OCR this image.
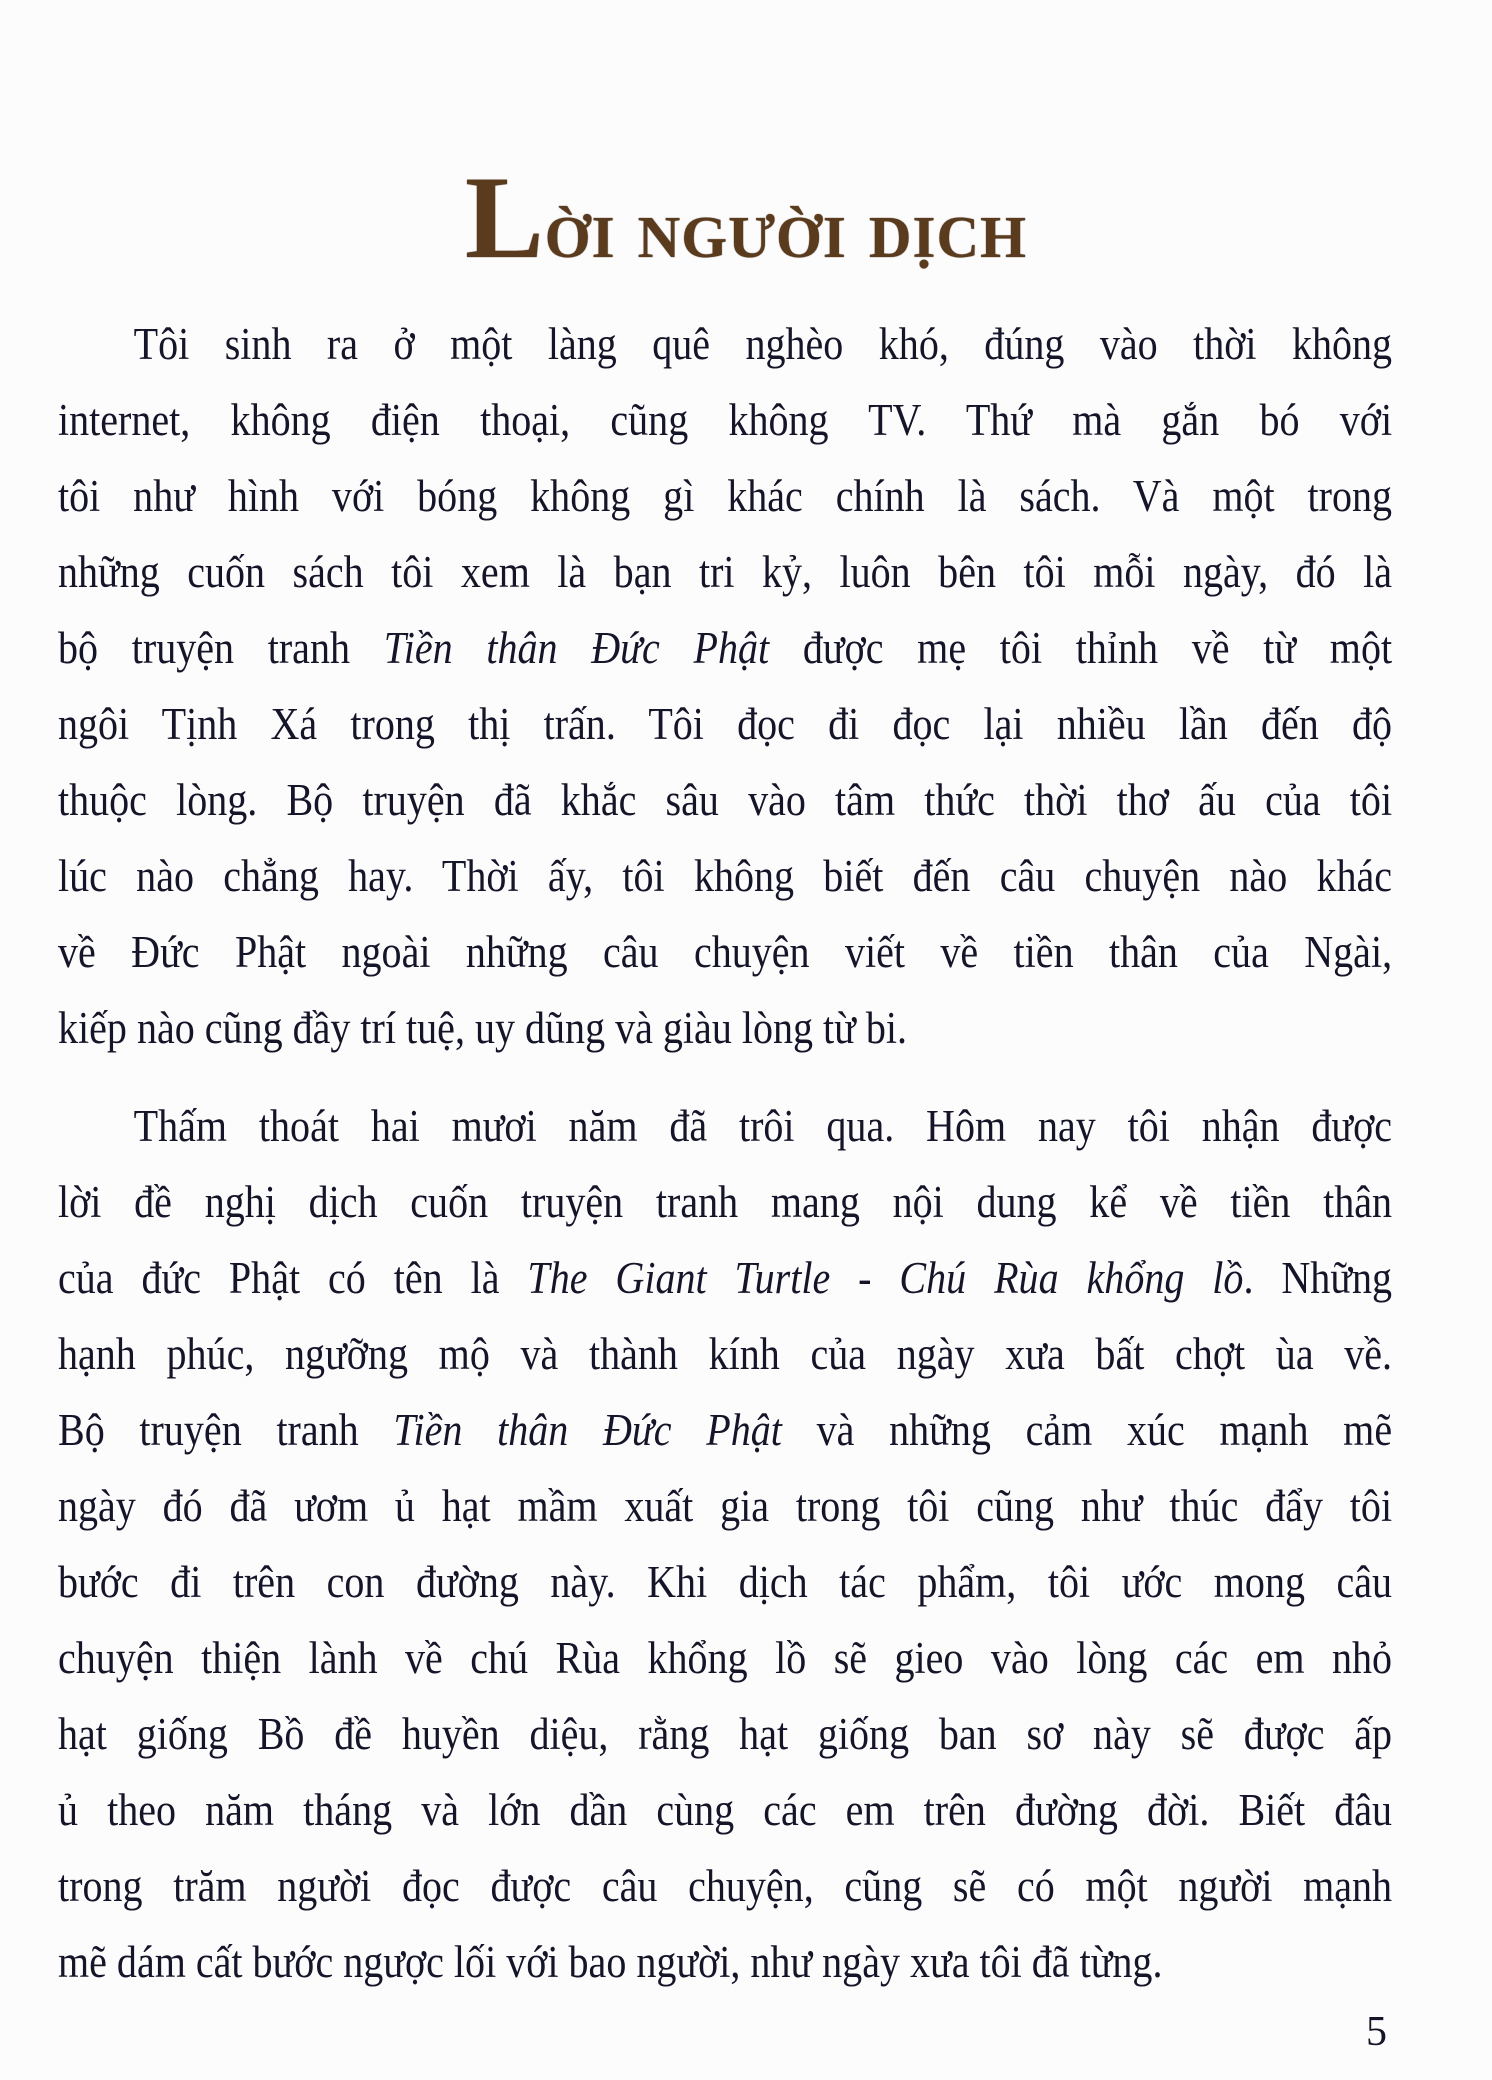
Lời người dịch
Tôi sinh ra ở một làng quê nghèo khó, đúng vào thời không
internet, không điện thoại, cũng không TV. Thứ mà gắn bó với
tôi như hình với bóng không gì khác chính là sách. Và một trong
những cuốn sách tôi xem là bạn tri kỷ, luôn bên tôi mỗi ngày, đó là
bộ truyện tranh Tiền thân Đức Phật được mẹ tôi thỉnh về từ một
ngôi Tịnh Xá trong thị trấn. Tôi đọc đi đọc lại nhiều lần đến độ
thuộc lòng. Bộ truyện đã khắc sâu vào tâm thức thời thơ ấu của tôi
lúc nào chẳng hay. Thời ấy, tôi không biết đến câu chuyện nào khác
về Đức Phật ngoài những câu chuyện viết về tiền thân của Ngài,
kiếp nào cũng đầy trí tuệ, uy dũng và giàu lòng từ bi.
Thấm thoát hai mươi năm đã trôi qua. Hôm nay tôi nhận được
lời đề nghị dịch cuốn truyện tranh mang nội dung kể về tiền thân
của đức Phật có tên là The Giant Turtle - Chú Rùa khổng lồ. Những
hạnh phúc, ngưỡng mộ và thành kính của ngày xưa bất chợt ùa về.
Bộ truyện tranh Tiền thân Đức Phật và những cảm xúc mạnh mẽ
ngày đó đã ươm ủ hạt mầm xuất gia trong tôi cũng như thúc đẩy tôi
bước đi trên con đường này. Khi dịch tác phẩm, tôi ước mong câu
chuyện thiện lành về chú Rùa khổng lồ sẽ gieo vào lòng các em nhỏ
hạt giống Bồ đề huyền diệu, rằng hạt giống ban sơ này sẽ được ấp
ủ theo năm tháng và lớn dần cùng các em trên đường đời. Biết đâu
trong trăm người đọc được câu chuyện, cũng sẽ có một người mạnh
mẽ dám cất bước ngược lối với bao người, như ngày xưa tôi đã từng.
5
